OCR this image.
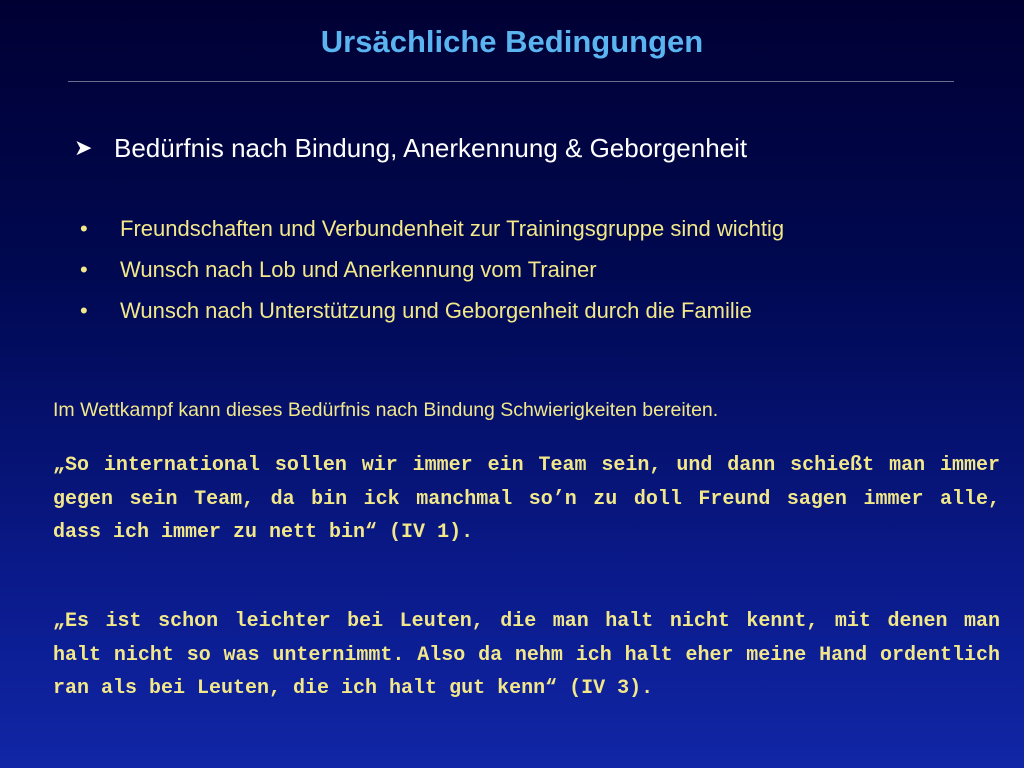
Ursächliche Bedingungen
➤ Bedürfnis nach Bindung, Anerkennung & Geborgenheit
•	Freundschaften und Verbundenheit zur Trainingsgruppe sind wichtig
•	Wunsch nach Lob und Anerkennung vom Trainer
•	Wunsch nach Unterstützung und Geborgenheit durch die Familie

Im Wettkampf kann dieses Bedürfnis nach Bindung Schwierigkeiten bereiten.

„So international sollen wir immer ein Team sein, und dann schießt man immer gegen sein Team, da bin ick manchmal so’n zu doll Freund sagen immer alle, dass ich immer zu nett bin“ (IV 1).

„Es ist schon leichter bei Leuten, die man halt nicht kennt, mit denen man halt nicht so was unternimmt. Also da nehm ich halt eher meine Hand ordentlich ran als bei Leuten, die ich halt gut kenn“ (IV 3).
